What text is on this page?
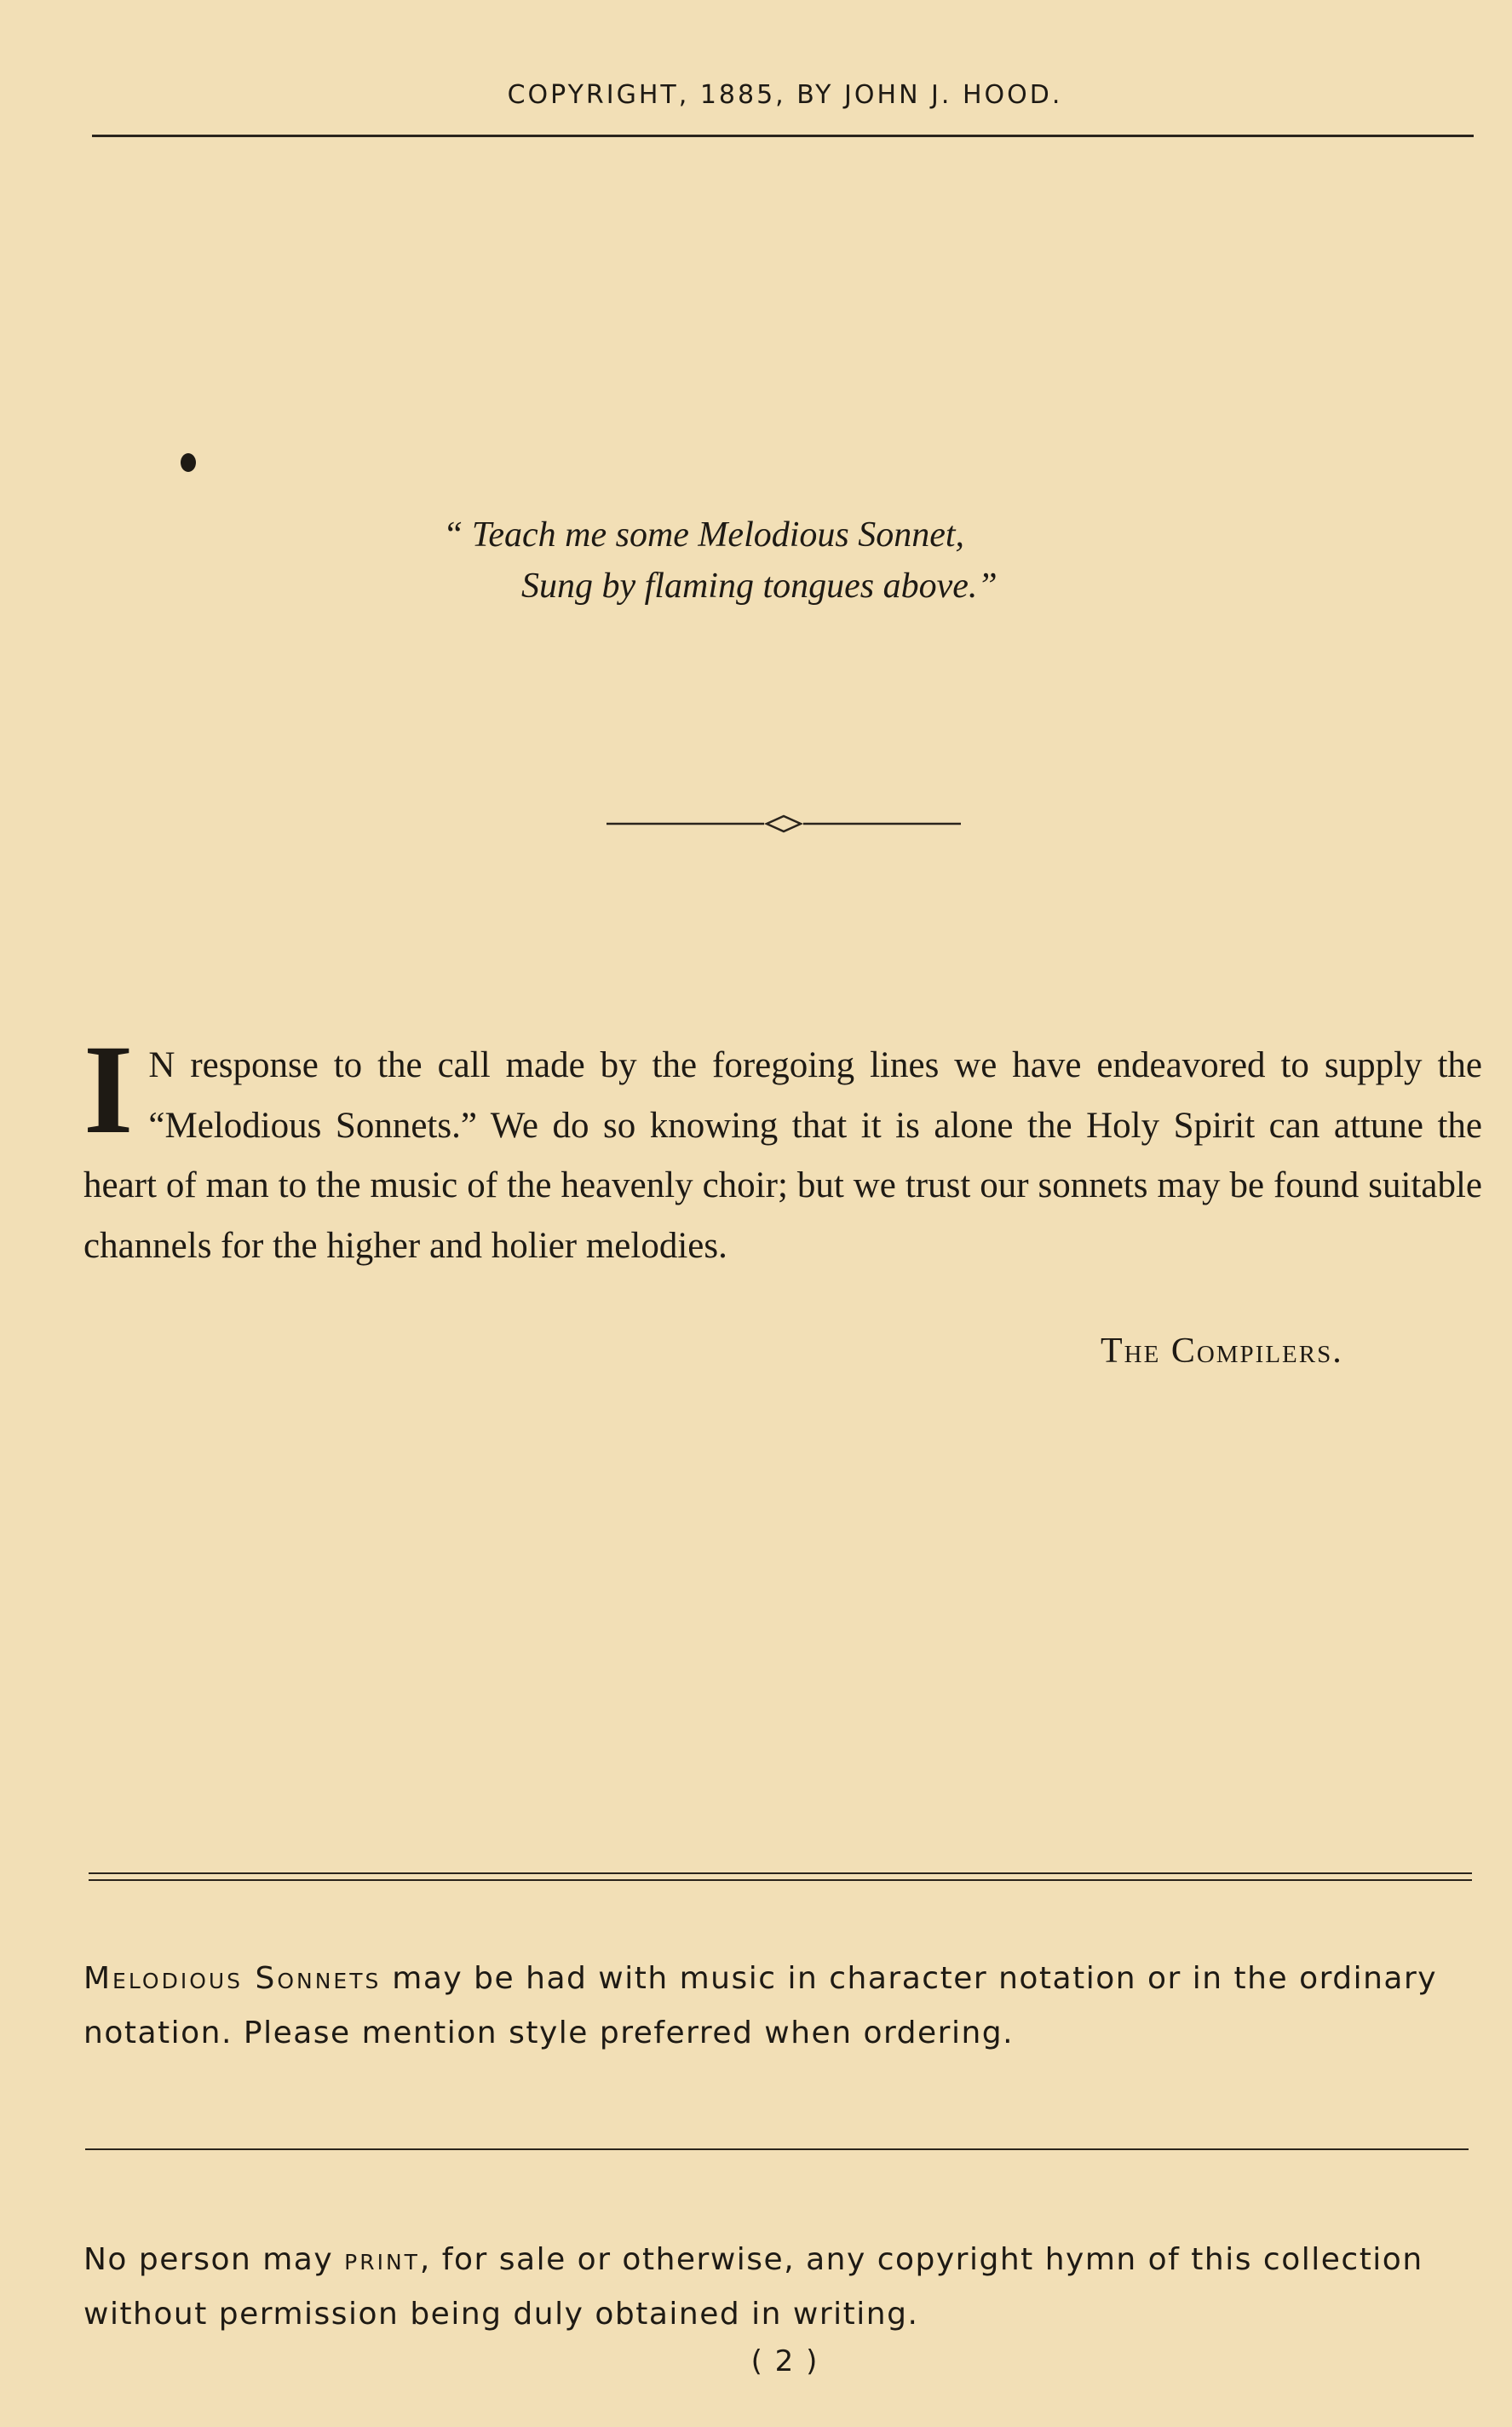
COPYRIGHT, 1885, BY JOHN J. HOOD.
“ Teach me some Melodious Sonnet,
Sung by flaming tongues above.”
I N response to the call made by the foregoing lines we have endeavored to supply the “Melodious Sonnets.” We do so knowing that it is alone the Holy Spirit can attune the heart of man to the music of the heavenly choir; but we trust our sonnets may be found suitable channels for the higher and holier melodies.
The Compilers.
Melodious Sonnets may be had with music in character notation or in the ordinary notation. Please mention style preferred when ordering.
No person may print, for sale or otherwise, any copyright hymn of this collection without permission being duly obtained in writing.
( 2 )
